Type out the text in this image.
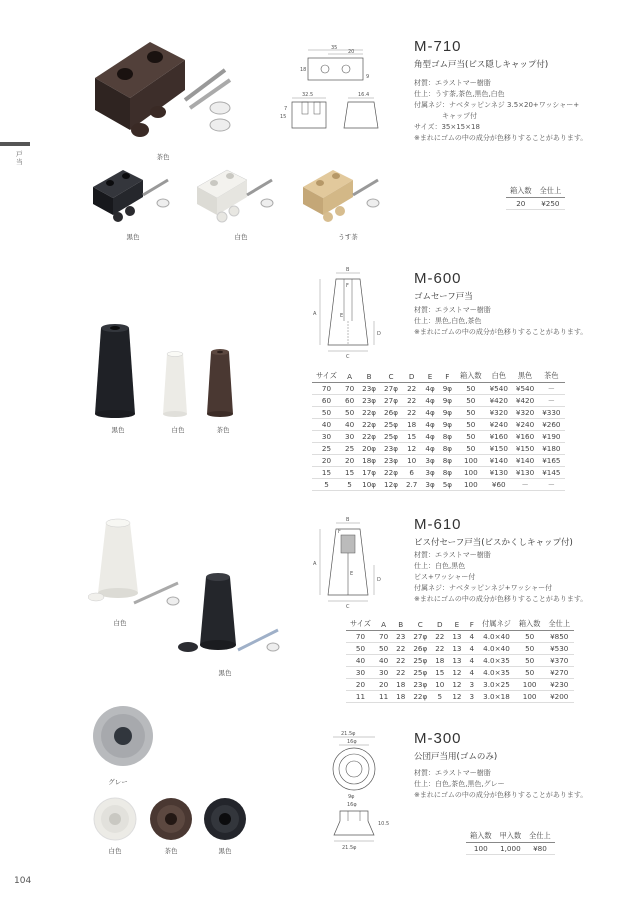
戸当
茶色
黒色	白色	うす茶
35
20
18
9
32.5	16.4
15
7
M-710
角型ゴム戸当(ビス隠しキャップ付)
材質：エラストマー樹脂
仕上：うす茶,茶色,黒色,白色
付属ネジ：ナベタッピンネジ 3.5×20+ワッシャー+
　　　　キャップ付
サイズ：35×15×18
※まれにゴムの中の成分が色移りすることがあります。
箱入数	全仕上
20	¥250
黒色	白色	茶色
B
F
A	E
D
C
M-600
ゴムセーフ戸当
材質：エラストマー樹脂
仕上：黒色,白色,茶色
※まれにゴムの中の成分が色移りすることがあります。
サイズ	A	B	C	D	E	F	箱入数	白色	黒色	茶色
70	70	23φ	27φ	22	4φ	9φ	50	¥540	¥540	－
60	60	23φ	27φ	22	4φ	9φ	50	¥420	¥420	－
50	50	22φ	26φ	22	4φ	9φ	50	¥320	¥320	¥330
40	40	22φ	25φ	18	4φ	9φ	50	¥240	¥240	¥260
30	30	22φ	25φ	15	4φ	8φ	50	¥160	¥160	¥190
25	25	20φ	23φ	12	4φ	8φ	50	¥150	¥150	¥180
20	20	18φ	23φ	10	3φ	8φ	100	¥140	¥140	¥165
15	15	17φ	22φ	6	3φ	8φ	100	¥130	¥130	¥145
5	5	10φ	12φ	2.7	3φ	5φ	100	¥60	－	－
白色
黒色
B
F
A
E
D
C
M-610
ビス付セーフ戸当(ビスかくしキャップ付)
材質：エラストマー樹脂
仕上：白色,黒色
ビス+ワッシャー付
付属ネジ：ナベタッピンネジ+ワッシャー付
※まれにゴムの中の成分が色移りすることがあります。
サイズ	A	B	C	D	E	F	付属ネジ	箱入数	全仕上
70	70	23	27φ	22	13	4	4.0×40	50	¥850
50	50	22	26φ	22	13	4	4.0×40	50	¥530
40	40	22	25φ	18	13	4	4.0×35	50	¥370
30	30	22	25φ	15	12	4	4.0×35	50	¥270
20	20	18	23φ	10	12	3	3.0×25	100	¥230
11	11	18	22φ	5	12	3	3.0×18	100	¥200
グレー
白色	茶色	黒色
21.5φ
16φ
9φ
16φ
10.5
21.5φ
M-300
公団戸当用(ゴムのみ)
材質：エラストマー樹脂
仕上：白色,茶色,黒色,グレー
※まれにゴムの中の成分が色移りすることがあります。
箱入数	甲入数	全仕上
100	1,000	¥80
104
